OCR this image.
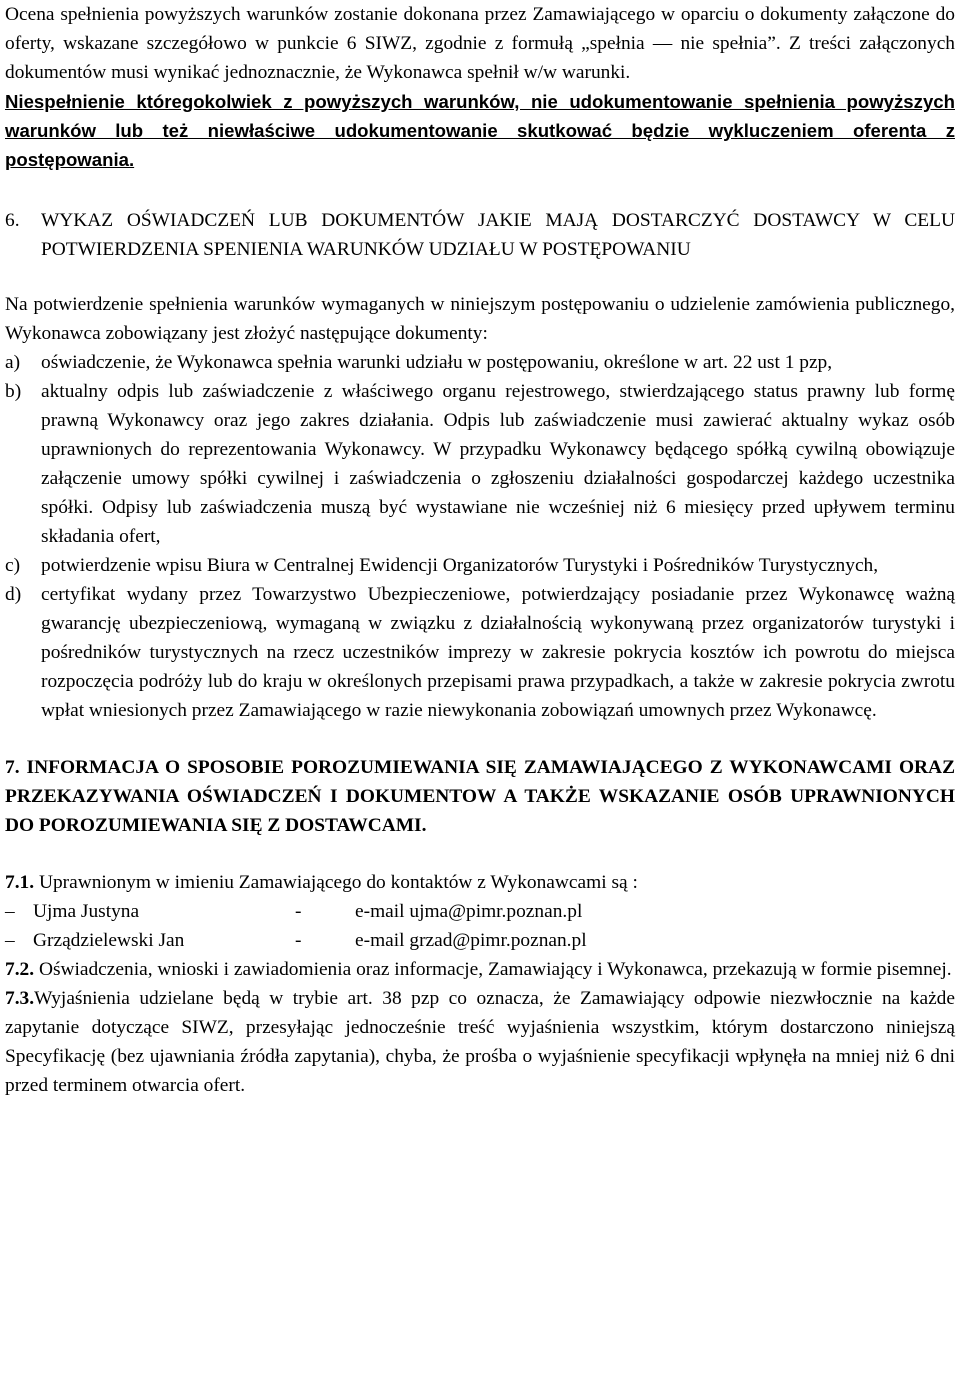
Ocena spełnienia powyższych warunków zostanie dokonana przez Zamawiającego w oparciu o dokumenty załączone do oferty, wskazane szczegółowo w punkcie 6 SIWZ, zgodnie z formułą „spełnia — nie spełnia”. Z treści załączonych dokumentów musi wynikać jednoznacznie, że Wykonawca spełnił w/w warunki.

Niespełnienie któregokolwiek z powyższych warunków, nie udokumentowanie spełnienia powyższych warunków lub też niewłaściwe udokumentowanie skutkować będzie wykluczeniem oferenta z postępowania.

6.	WYKAZ OŚWIADCZEŃ LUB DOKUMENTÓW JAKIE MAJĄ DOSTARCZYĆ DOSTAWCY W CELU POTWIERDZENIA SPENIENIA WARUNKÓW UDZIAŁU W POSTĘPOWANIU

Na potwierdzenie spełnienia warunków wymaganych w niniejszym postępowaniu o udzielenie zamówienia publicznego, Wykonawca zobowiązany jest złożyć następujące dokumenty:

a)	oświadczenie, że Wykonawca spełnia warunki udziału w postępowaniu, określone w art. 22 ust 1 pzp,
b)	aktualny odpis lub zaświadczenie z właściwego organu rejestrowego, stwierdzającego status prawny lub formę prawną Wykonawcy oraz jego zakres działania. Odpis lub zaświadczenie musi zawierać aktualny wykaz osób uprawnionych do reprezentowania Wykonawcy. W przypadku Wykonawcy będącego spółką cywilną obowiązuje załączenie umowy spółki cywilnej i zaświadczenia o zgłoszeniu działalności gospodarczej każdego uczestnika spółki. Odpisy lub zaświadczenia muszą być wystawiane nie wcześniej niż 6 miesięcy przed upływem terminu składania ofert,
c)	potwierdzenie wpisu Biura w Centralnej Ewidencji Organizatorów Turystyki i Pośredników Turystycznych,
d)	certyfikat wydany przez Towarzystwo Ubezpieczeniowe, potwierdzający posiadanie przez Wykonawcę ważną gwarancję ubezpieczeniową, wymaganą w związku z działalnością wykonywaną przez organizatorów turystyki i pośredników turystycznych na rzecz uczestników imprezy w zakresie pokrycia kosztów ich powrotu do miejsca rozpoczęcia podróży lub do kraju w określonych przepisami prawa przypadkach, a także w zakresie pokrycia zwrotu wpłat wniesionych przez Zamawiającego w razie niewykonania zobowiązań umownych przez Wykonawcę.

7. INFORMACJA O SPOSOBIE POROZUMIEWANIA SIĘ ZAMAWIAJĄCEGO Z WYKONAWCAMI ORAZ PRZEKAZYWANIA OŚWIADCZEŃ I DOKUMENTOW A TAKŻE WSKAZANIE OSÓB UPRAWNIONYCH DO POROZUMIEWANIA SIĘ Z DOSTAWCAMI.

7.1. Uprawnionym w imieniu Zamawiającego do kontaktów z Wykonawcami są :

– Ujma Justyna	-	e-mail ujma@pimr.poznan.pl
– Grządzielewski Jan	-	e-mail grzad@pimr.poznan.pl

7.2. Oświadczenia, wnioski i zawiadomienia oraz informacje, Zamawiający i Wykonawca, przekazują w formie pisemnej.

7.3.Wyjaśnienia udzielane będą w trybie art. 38 pzp co oznacza, że Zamawiający odpowie niezwłocznie na każde zapytanie dotyczące SIWZ, przesyłając jednocześnie treść wyjaśnienia wszystkim, którym dostarczono niniejszą Specyfikację (bez ujawniania źródła zapytania), chyba, że prośba o wyjaśnienie specyfikacji wpłynęła na mniej niż 6 dni przed terminem otwarcia ofert.
